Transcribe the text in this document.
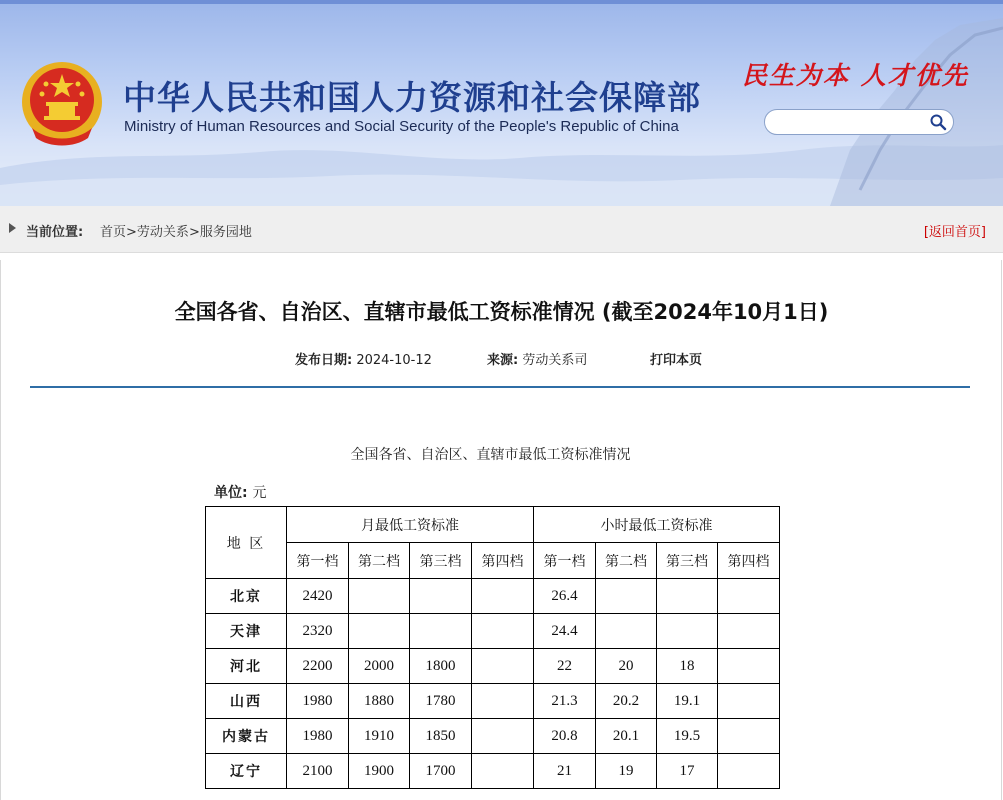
中华人民共和国人力资源和社会保障部
Ministry of Human Resources and Social Security of the People's Republic of China
民生为本 人才优先
当前位置: 首页>劳动关系>服务园地	[返回首页]
全国各省、自治区、直辖市最低工资标准情况 (截至2024年10月1日)
发布日期: 2024-10-12	来源: 劳动关系司	打印本页
全国各省、自治区、直辖市最低工资标准情况
单位: 元
地 区	月最低工资标准				小时最低工资标准			
	第一档	第二档	第三档	第四档	第一档	第二档	第三档	第四档
北京	2420				26.4			
天津	2320				24.4			
河北	2200	2000	1800		22	20	18	
山西	1980	1880	1780		21.3	20.2	19.1	
内蒙古	1980	1910	1850		20.8	20.1	19.5	
辽宁	2100	1900	1700		21	19	17	
